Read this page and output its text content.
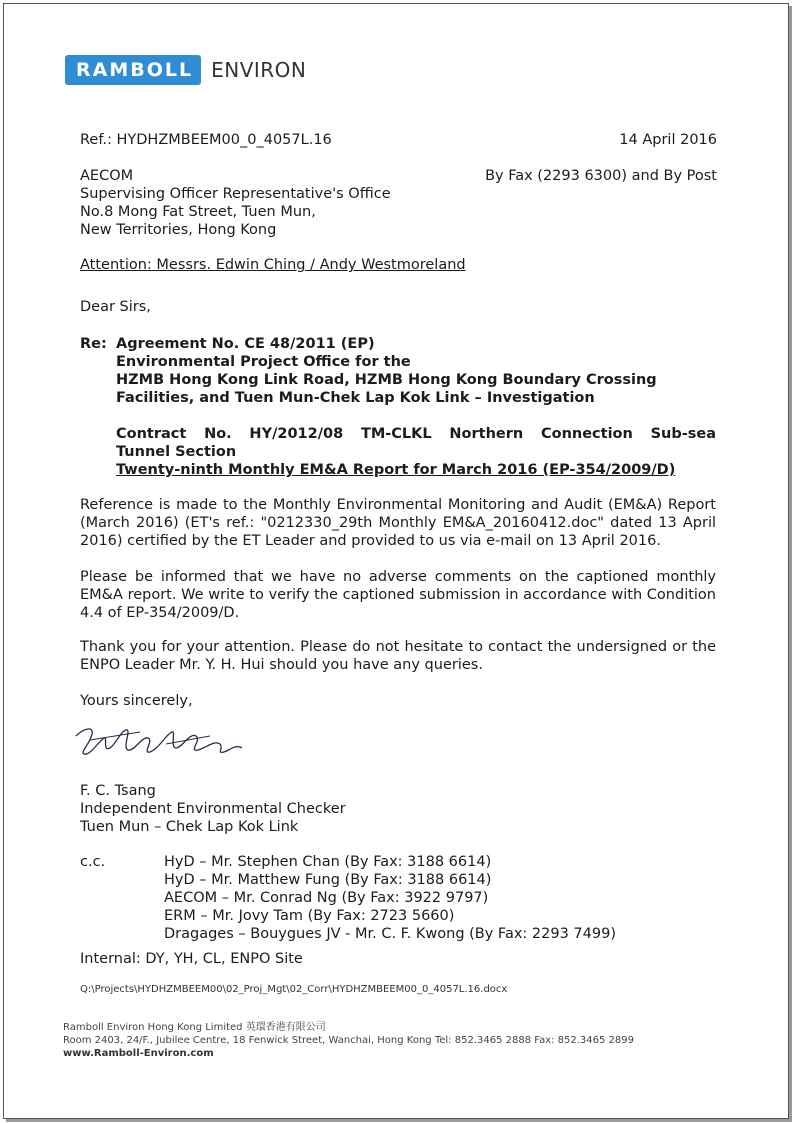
RAMBOLL ENVIRON
Ref.: HYDHZMBEEM00_0_4057L.16	14 April 2016
AECOM
Supervising Officer Representative's Office
No.8 Mong Fat Street, Tuen Mun,
New Territories, Hong Kong
By Fax (2293 6300) and By Post
Attention: Messrs. Edwin Ching / Andy Westmoreland
Dear Sirs,
Re: Agreement No. CE 48/2011 (EP)
Environmental Project Office for the
HZMB Hong Kong Link Road, HZMB Hong Kong Boundary Crossing
Facilities, and Tuen Mun-Chek Lap Kok Link – Investigation
Contract No. HY/2012/08 TM-CLKL Northern Connection Sub-sea
Tunnel Section
Twenty-ninth Monthly EM&A Report for March 2016 (EP-354/2009/D)
Reference is made to the Monthly Environmental Monitoring and Audit (EM&A) Report (March 2016) (ET's ref.: "0212330_29th Monthly EM&A_20160412.doc" dated 13 April 2016) certified by the ET Leader and provided to us via e-mail on 13 April 2016.
Please be informed that we have no adverse comments on the captioned monthly EM&A report. We write to verify the captioned submission in accordance with Condition 4.4 of EP-354/2009/D.
Thank you for your attention. Please do not hesitate to contact the undersigned or the ENPO Leader Mr. Y. H. Hui should you have any queries.
Yours sincerely,
F. C. Tsang
Independent Environmental Checker
Tuen Mun – Chek Lap Kok Link
c.c.	HyD – Mr. Stephen Chan (By Fax: 3188 6614)
HyD – Mr. Matthew Fung (By Fax: 3188 6614)
AECOM – Mr. Conrad Ng (By Fax: 3922 9797)
ERM – Mr. Jovy Tam (By Fax: 2723 5660)
Dragages – Bouygues JV - Mr. C. F. Kwong (By Fax: 2293 7499)
Internal: DY, YH, CL, ENPO Site
Q:\Projects\HYDHZMBEEM00\02_Proj_Mgt\02_Corr\HYDHZMBEEM00_0_4057L.16.docx
Ramboll Environ Hong Kong Limited 英環香港有限公司
Room 2403, 24/F., Jubilee Centre, 18 Fenwick Street, Wanchai, Hong Kong Tel: 852.3465 2888 Fax: 852.3465 2899
www.Ramboll-Environ.com
